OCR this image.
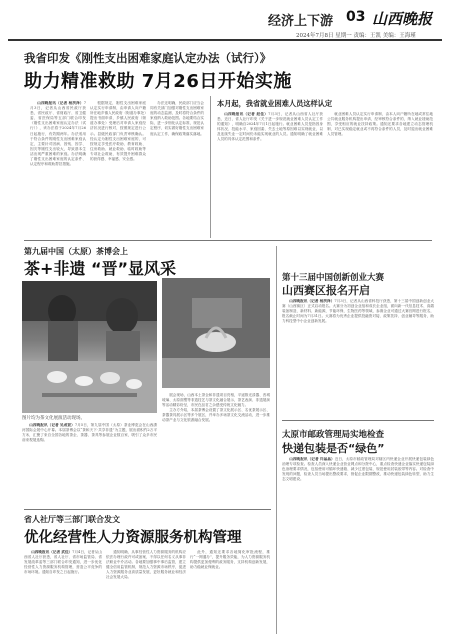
经济上下游 03 山西晚报
2024年7月8日 星期一 责编：王凯 美编：王海瑾
我省印发《刚性支出困难家庭认定办法（试行）》
助力精准救助 7月26日开始实施

山西晚报讯（记者 杨洪泽）7月3日，记者从山西省民政厅获悉，省民政厅、省财政厅、省卫健委、省医保局等五部门联合印发《刚性支出困难家庭认定办法（试行）》，该办法将于2024年7月26日起施行，有效期两年。办法适用于符合条件的刚性支出困难家庭认定，主要针对因病、因残、因学、因灾等刚性支出较大，导致基本生活出现严重困难的家庭。办法明确了刚性支出困难家庭的认定条件、认定程序和救助帮扶措施。

根据规定，刚性支出困难家庭认定实行申请制，由申请人向户籍所在地乡镇人民政府（街道办事处）提出书面申请，乡镇人民政府（街道办事处）受理后对申请人家庭经济状况进行核对，按照规定进行公示。县级民政部门负责审核确认。经认定为刚性支出困难家庭的，可按规定享受医疗救助、教育救助、住房救助、就业救助、临时救助等专项社会救助，有效提升困难群众的获得感、幸福感、安全感。

办法还明确，民政部门应当会同有关部门加强对刚性支出困难家庭的动态监测，及时将符合条件的家庭纳入救助范围。各地要结合实际，进一步细化认定标准，规范认定程序，切实做好刚性支出困难家庭认定工作，确保政策落实落地。

本月起，我省就业困难人员这样认定

山西晚报讯（记者 赵佳）7月3日，记者从山西省人社厅获悉，近日，省人社厅印发《关于进一步规范就业困难人员认定工作的通知》，明确自2024年7月1日起施行。就业困难人员是指因身体状况、技能水平、家庭因素、失去土地等原因难以实现就业，以及连续失业一定时间仍未能实现就业的人员。通知明确了就业困难人员的具体认定范围和条件。

就业困难人员认定实行申请制，由本人向户籍所在地或常住地公共就业服务机构提出申请，经审核符合条件的，纳入就业援助范围，享受相应的就业扶持政策。通知还要求各地建立动态管理机制，对已实现稳定就业或不再符合条件的人员，及时退出就业困难人员管理。

第九届中国（太原）茶博会上
茶+非遗 “晋”显风采
图片均为茶文化展演活动现场。

山西晚报讯（记者 吴成贤）7月5日，第九届中国（太原）茶业博览会在山西潇河国际会展中心开幕。本届茶博会以“茶和天下·共享非遗”为主题，展出面积约2万平方米，汇聚了来自全国各地的茶企、茶器、茶具等参展企业数百家，吸引了众多市民前来观展选购。

展会现场，山西本土茶企和非遗项目亮相，平遥推光漆器、晋城琉璃、太原面塑等非遗技艺与茶文化融合展示，茶艺表演、非遗展演等活动精彩纷呈，市民在品茗之余感受传统文化魅力。

主办方介绍，本届茶博会设置了茶文化展示区、名优茶展示区、茶器茶具展示区等多个展区，并举办多场茶文化交流活动，进一步推动茶产业与文化旅游融合发展。

省人社厅等三部门联合发文
优化经营性人力资源服务机构管理

山西晚报讯（记者 武佳）7月4日，记者从山西省人社厅获悉，省人社厅、省市场监管局、省发展改革委等三部门联合印发通知，进一步优化经营性人力资源服务机构管理，营造公平竞争的市场环境。通知自印发之日起施行。

通知明确，从事经营性人力资源服务的机构应依法办理行政许可或备案，不得以任何名义从事非法职业中介活动。各地要加强事中事后监管，建立健全信用监管机制，规范人力资源市场秩序，促进人力资源服务业高质量发展，更好服务就业和经济社会发展大局。

此外，通知还要求各地简化审批流程，推行“一网通办”，提升服务效能，为人力资源服务机构提供更加便利的政务服务，支持机构创新发展，助力稳就业保就业。

第十三届中国创新创业大赛
山西赛区报名开启

山西晚报讯（记者 杨洪泽）7月3日，记者从山西省科技厅获悉，第十三届中国创新创业大赛（山西赛区）正式启动报名。大赛分为初创企业组和成长企业组，面向新一代信息技术、高端装备制造、新材料、新能源、节能环保、生物医药等领域，参赛企业可通过大赛官网进行报名，报名截止时间为7月31日。大赛将为优秀企业提供投融资对接、政策扶持、创业辅导等服务，助力科技型中小企业创新发展。

太原市邮政管理局实地检查
快递包装是否“绿色”

山西晚报讯（记者 许晶晶）近日，太原市邮政管理局对辖区内快递企业开展快递包装绿色治理专项检查。检查人员深入快递企业营业网点和分拨中心，重点检查快递企业落实快递包装绿色治理要求情况，包括使用可循环快递箱、减少过度包装、规范使用封装胶带等内容。对检查中发现的问题，检查人员当场提出整改要求，督促企业限期整改，推动快递包装绿色转型，助力生态文明建设。
